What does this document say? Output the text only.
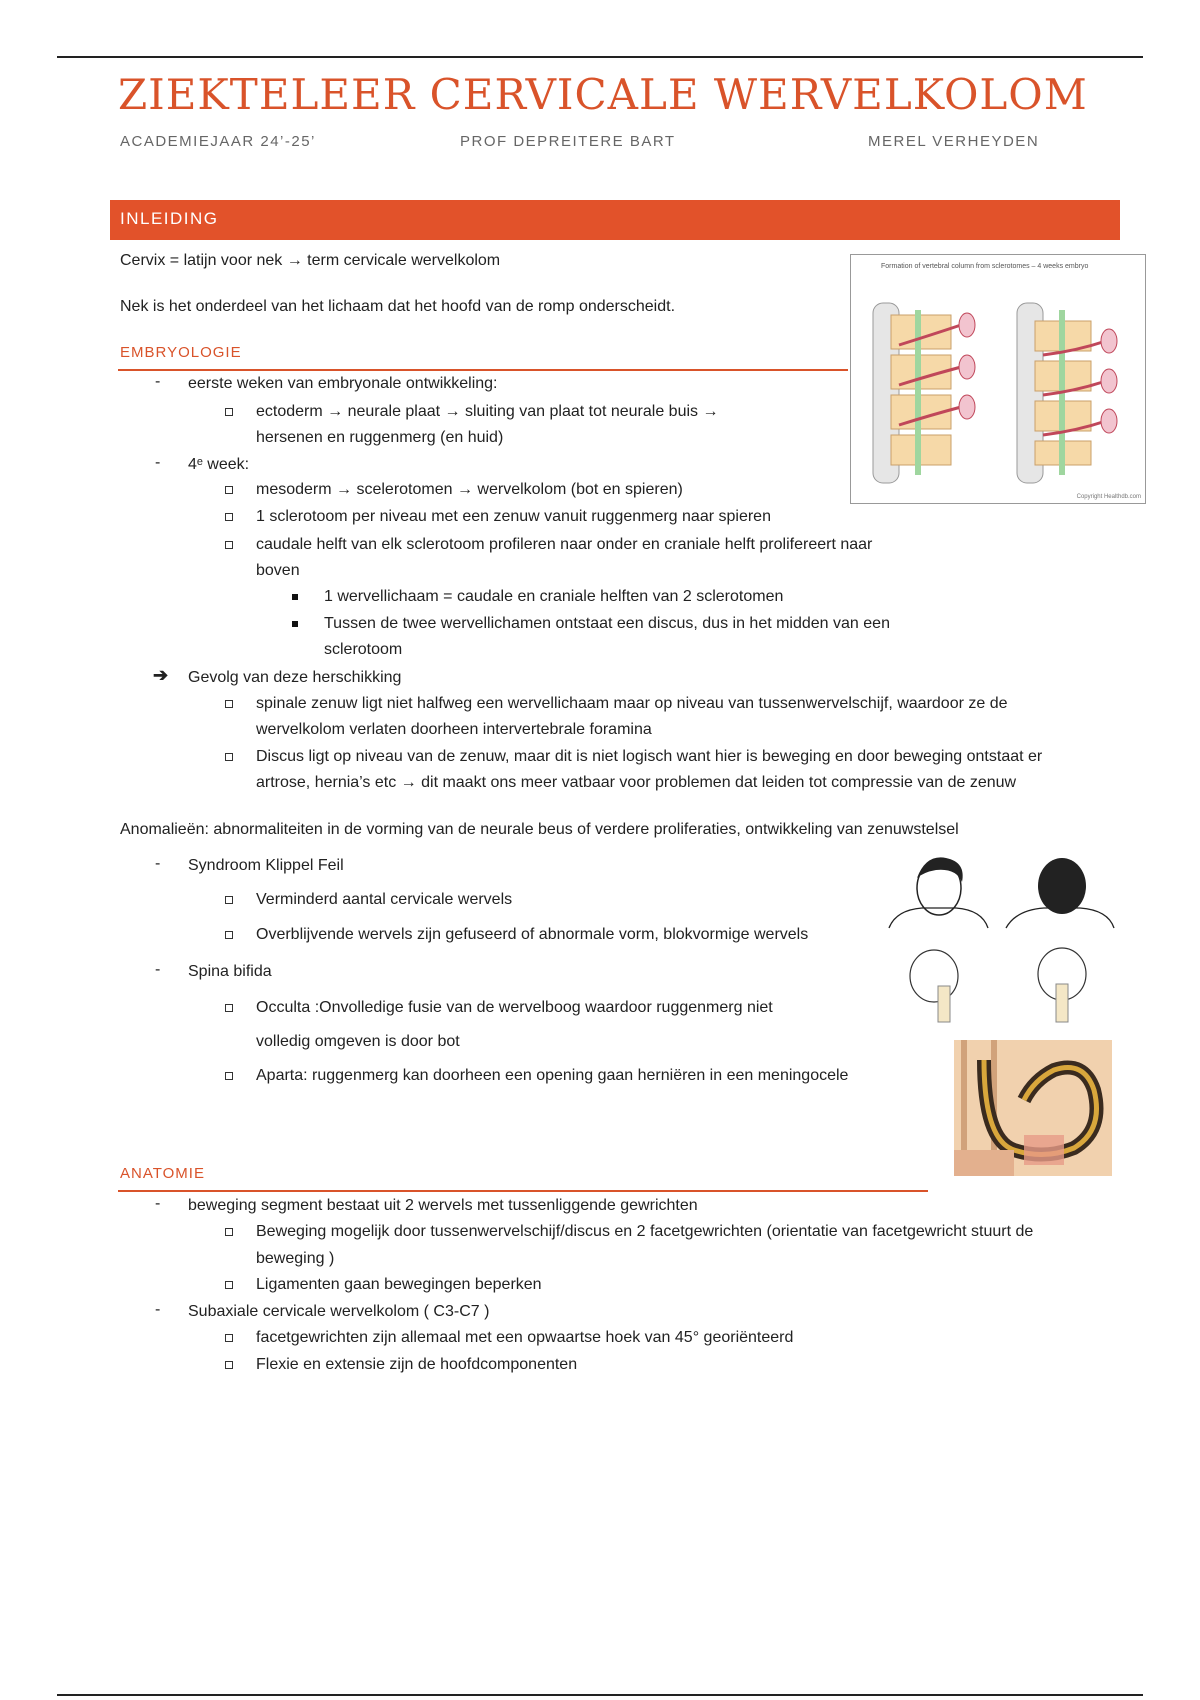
ZIEKTELEER CERVICALE WERVELKOLOM
ACADEMIEJAAR 24’-25’	PROF DEPREITERE BART	MEREL VERHEYDEN
INLEIDING
Cervix = latijn voor nek → term cervicale wervelkolom
Nek is het onderdeel van het lichaam dat het hoofd van de romp onderscheidt.
Formation of vertebral column from sclerotomes – 4 weeks embryo
Copyright Healthdb.com
EMBRYOLOGIE
- eerste weken van embryonale ontwikkeling:
ectoderm → neurale plaat → sluiting van plaat tot neurale buis →
hersenen en ruggenmerg (en huid)
- 4ᵉ week:
mesoderm → scelerotomen → wervelkolom (bot en spieren)
1 sclerotoom per niveau met een zenuw vanuit ruggenmerg naar spieren
caudale helft van elk sclerotoom profileren naar onder en craniale helft prolifereert naar
boven
1 wervellichaam = caudale en craniale helften van 2 sclerotomen
Tussen de twee wervellichamen ontstaat een discus, dus in het midden van een
sclerotoom
➔ Gevolg van deze herschikking
spinale zenuw ligt niet halfweg een wervellichaam maar op niveau van tussenwervelschijf, waardoor ze de
wervelkolom verlaten doorheen intervertebrale foramina
Discus ligt op niveau van de zenuw, maar dit is niet logisch want hier is beweging en door beweging ontstaat er
artrose, hernia’s etc → dit maakt ons meer vatbaar voor problemen dat leiden tot compressie van de zenuw
Anomalieën: abnormaliteiten in de vorming van de neurale beus of verdere proliferaties, ontwikkeling van zenuwstelsel
- Syndroom Klippel Feil
Verminderd aantal cervicale wervels
Overblijvende wervels zijn gefuseerd of abnormale vorm, blokvormige wervels
- Spina bifida
Occulta :Onvolledige fusie van de wervelboog waardoor ruggenmerg niet
volledig omgeven is door bot
Aparta: ruggenmerg kan doorheen een opening gaan herniëren in een meningocele
ANATOMIE
- beweging segment bestaat uit 2 wervels met tussenliggende gewrichten
Beweging mogelijk door tussenwervelschijf/discus en 2 facetgewrichten (orientatie van facetgewricht stuurt de
beweging )
Ligamenten gaan bewegingen beperken
- Subaxiale cervicale wervelkolom ( C3-C7 )
facetgewrichten zijn allemaal met een opwaartse hoek van 45° georiënteerd
Flexie en extensie zijn de hoofdcomponenten
